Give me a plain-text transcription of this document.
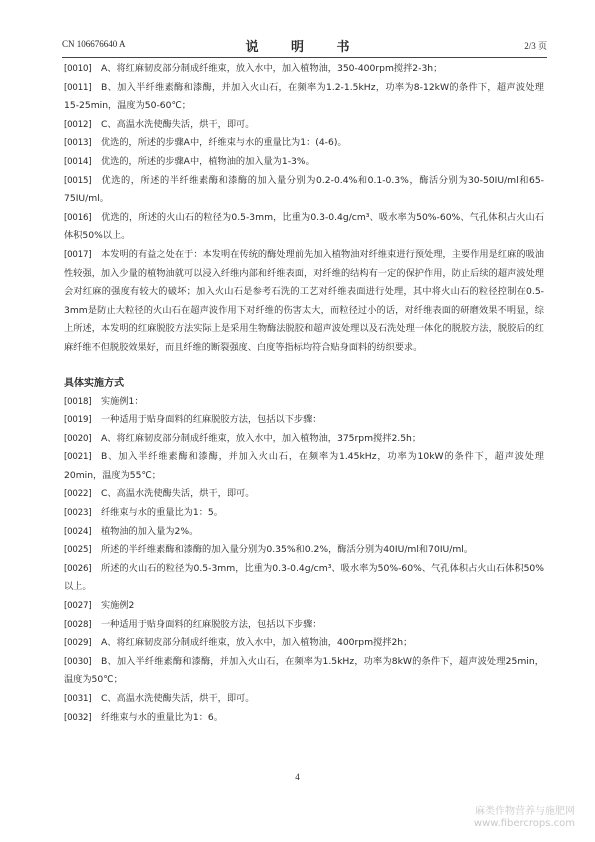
CN 106676640 A	说 明 书	2/3 页
[0010] A、将红麻韧皮部分制成纤维束，放入水中，加入植物油，350-400rpm搅拌2-3h；
[0011] B、加入半纤维素酶和漆酶，并加入火山石，在频率为1.2-1.5kHz，功率为8-12kW的条件下，超声波处理15-25min，温度为50-60℃；
[0012] C、高温水洗使酶失活，烘干，即可。
[0013] 优选的，所述的步骤A中，纤维束与水的重量比为1：(4-6)。
[0014] 优选的，所述的步骤A中，植物油的加入量为1-3%。
[0015] 优选的，所述的半纤维素酶和漆酶的加入量分别为0.2-0.4%和0.1-0.3%，酶活分别为30-50IU/ml和65-75IU/ml。
[0016] 优选的，所述的火山石的粒径为0.5-3mm，比重为0.3-0.4g/cm³、吸水率为50%-60%、气孔体积占火山石体积50%以上。
[0017] 本发明的有益之处在于：本发明在传统的酶处理前先加入植物油对纤维束进行预处理，主要作用是红麻的吸油性较强，加入少量的植物油就可以浸入纤维内部和纤维表面，对纤维的结构有一定的保护作用，防止后续的超声波处理会对红麻的强度有较大的破坏；加入火山石是参考石洗的工艺对纤维表面进行处理，其中将火山石的粒径控制在0.5-3mm是防止大粒径的火山石在超声波作用下对纤维的伤害太大，而粒径过小的话，对纤维表面的研磨效果不明显，综上所述，本发明的红麻脱胶方法实际上是采用生物酶法脱胶和超声波处理以及石洗处理一体化的脱胶方法，脱胶后的红麻纤维不但脱胶效果好，而且纤维的断裂强度、白度等指标均符合贴身面料的纺织要求。
具体实施方式
[0018] 实施例1：
[0019] 一种适用于贴身面料的红麻脱胶方法，包括以下步骤：
[0020] A、将红麻韧皮部分制成纤维束，放入水中，加入植物油，375rpm搅拌2.5h；
[0021] B、加入半纤维素酶和漆酶，并加入火山石，在频率为1.45kHz，功率为10kW的条件下，超声波处理20min，温度为55℃；
[0022] C、高温水洗使酶失活，烘干，即可。
[0023] 纤维束与水的重量比为1：5。
[0024] 植物油的加入量为2%。
[0025] 所述的半纤维素酶和漆酶的加入量分别为0.35%和0.2%，酶活分别为40IU/ml和70IU/ml。
[0026] 所述的火山石的粒径为0.5-3mm，比重为0.3-0.4g/cm³、吸水率为50%-60%、气孔体积占火山石体积50%以上。
[0027] 实施例2
[0028] 一种适用于贴身面料的红麻脱胶方法，包括以下步骤：
[0029] A、将红麻韧皮部分制成纤维束，放入水中，加入植物油，400rpm搅拌2h；
[0030] B、加入半纤维素酶和漆酶，并加入火山石，在频率为1.5kHz，功率为8kW的条件下，超声波处理25min，温度为50℃；
[0031] C、高温水洗使酶失活，烘干，即可。
[0032] 纤维束与水的重量比为1：6。
4
麻类作物营养与施肥网
www.fibercrops.com
